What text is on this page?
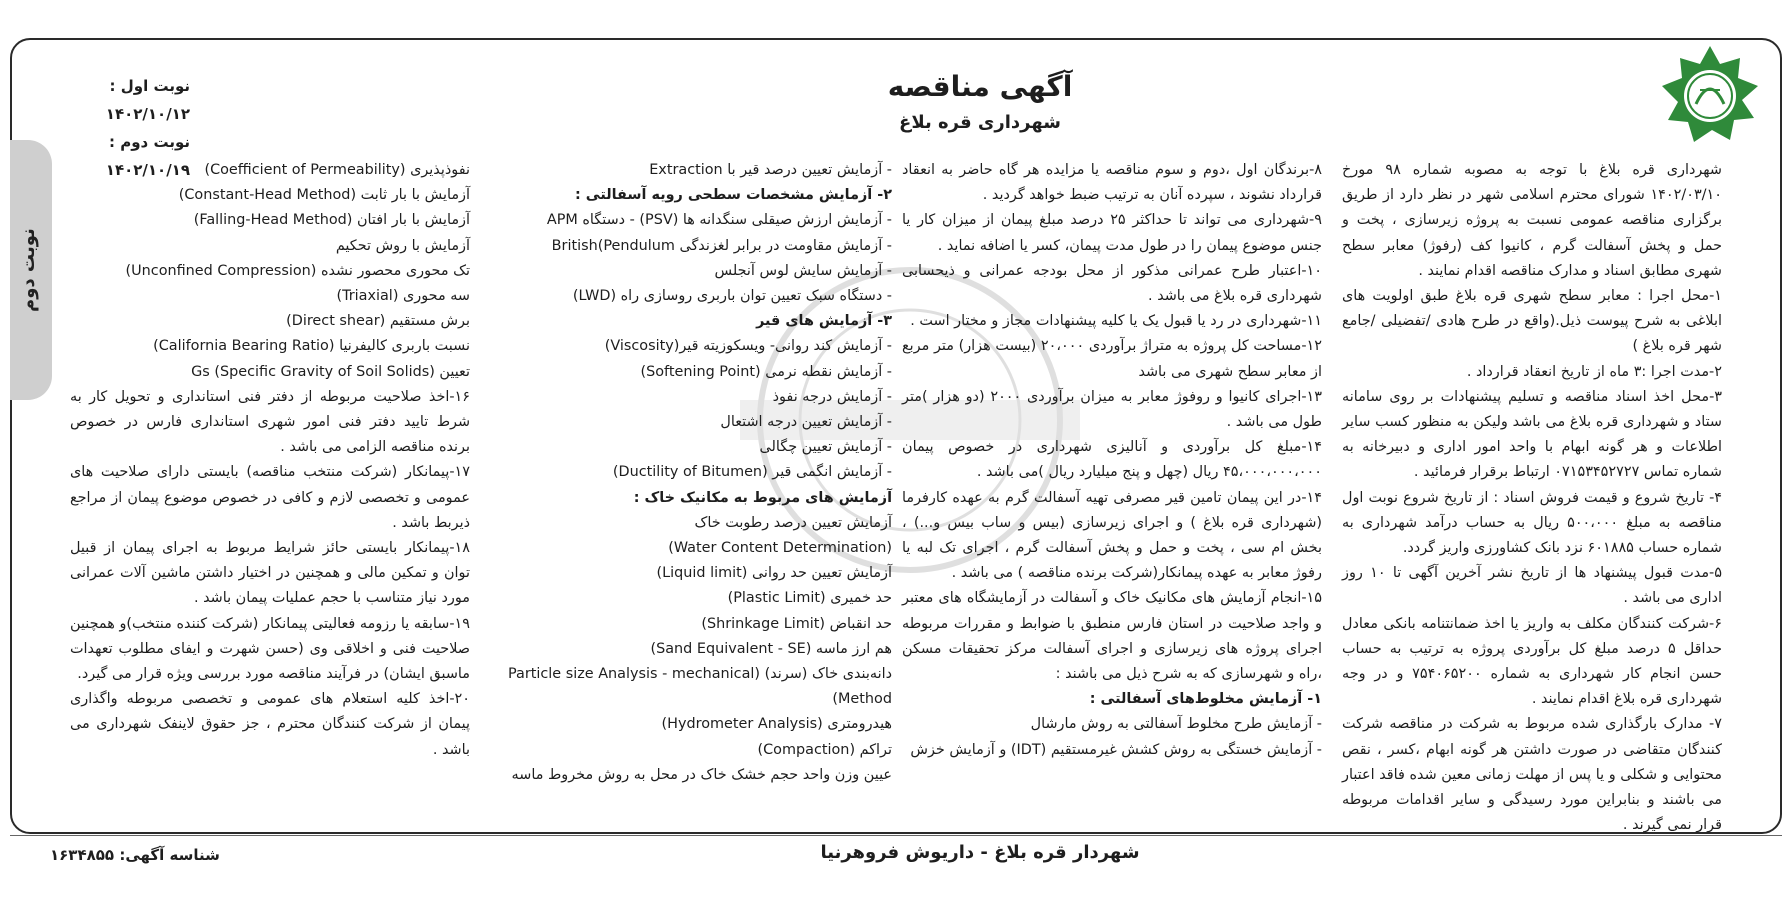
نوبت دوم
آگهی مناقصه
شهرداری قره بلاغ
نوبت اول : ۱۴۰۲/۱۰/۱۲
نوبت دوم : ۱۴۰۲/۱۰/۱۹	شهرداری قره بلاغ با توجه به مصوبه شماره ۹۸ مورخ ۱۴۰۲/۰۳/۱۰ شورای محترم اسلامی شهر در نظر دارد از طریق برگزاری مناقصه عمومی نسبت به پروژه زیرسازی ، پخت و حمل و پخش آسفالت گرم ، کانیوا کف (رفوژ) معابر سطح شهری مطابق اسناد و مدارک مناقصه اقدام نمایند .

۱-محل اجرا : معابر سطح شهری قره بلاغ طبق اولویت های ابلاغی به شرح پیوست ذیل.(واقع در طرح هادی /تفضیلی /جامع شهر قره بلاغ )

۲-مدت اجرا :۳ ماه از تاریخ انعقاد قرارداد .

۳-محل اخذ اسناد مناقصه و تسلیم پیشنهادات بر روی سامانه ستاد و شهرداری قره بلاغ می باشد ولیکن به منظور کسب سایر اطلاعات و هر گونه ابهام با واحد امور اداری و دبیرخانه به شماره تماس ۰۷۱۵۳۴۵۲۷۲۷ ارتباط برقرار فرمائید .

۴- تاریخ شروع و قیمت فروش اسناد : از تاریخ شروع نوبت اول مناقصه به مبلغ ۵۰۰،۰۰۰ ریال به حساب درآمد شهرداری به شماره حساب ۶۰۱۸۸۵ نزد بانک کشاورزی واریز گردد.

۵-مدت قبول پیشنهاد ها از تاریخ نشر آخرین آگهی تا ۱۰ روز اداری می باشد .

۶-شرکت کنندگان مکلف به واریز یا اخذ ضمانتنامه بانکی معادل حداقل ۵ درصد مبلغ کل برآوردی پروژه به ترتیب به حساب حسن انجام کار شهرداری به شماره ۷۵۴۰۶۵۲۰۰ و در وجه شهرداری قره بلاغ اقدام نمایند .

۷- مدارک بارگذاری شده مربوط به شرکت در مناقصه شرکت کنندگان متقاضی در صورت داشتن هر گونه ابهام ،کسر ، نقص محتوایی و شکلی و یا پس از مهلت زمانی معین شده فاقد اعتبار می باشند و بنابراین مورد رسیدگی و سایر اقدامات مربوطه قرار نمی گیرند .

۸-برندگان اول ،دوم و سوم مناقصه یا مزایده هر گاه حاضر به انعقاد قرارداد نشوند ، سپرده آنان به ترتیب ضبط خواهد گردید .

۹-شهرداری می تواند تا حداکثر ۲۵ درصد مبلغ پیمان از میزان کار یا جنس موضوع پیمان را در طول مدت پیمان، کسر یا اضافه نماید .

۱۰-اعتبار طرح عمرانی مذکور از محل بودجه عمرانی و ذیحسابی شهرداری قره بلاغ می باشد .

۱۱-شهرداری در رد یا قبول یک یا کلیه پیشنهادات مجاز و مختار است .

۱۲-مساحت کل پروژه به متراژ برآوردی ۲۰،۰۰۰ (بیست هزار) متر مربع از معابر سطح شهری می باشد

۱۳-اجرای کانیوا و روفوژ معابر به میزان برآوردی ۲۰۰۰ (دو هزار )متر طول می باشد .

۱۴-مبلغ کل برآوردی و آنالیزی شهرداری در خصوص پیمان ۴۵،۰۰۰،۰۰۰،۰۰۰ ریال (چهل و پنج میلیارد ریال )می باشد .

۱۴-در این پیمان تامین قیر مصرفی تهیه آسفالت گرم به عهده کارفرما (شهرداری قره بلاغ ) و اجرای زیرسازی (بیس و ساب بیس و...) ، بخش ام سی ، پخت و حمل و پخش آسفالت گرم ، اجرای تک لبه یا رفوژ معابر به عهده پیمانکار(شرکت برنده مناقصه ) می باشد .

۱۵-انجام آزمایش های مکانیک خاک و آسفالت در آزمایشگاه های معتبر و واجد صلاحیت در استان فارس منطبق با ضوابط و مقررات مربوطه اجرای پروژه های زیرسازی و اجرای آسفالت مرکز تحقیقات مسکن ،راه و شهرسازی که به شرح ذیل می باشند :

۱- آزمایش مخلوط‌های آسفالتی :

- آزمایش طرح مخلوط آسفالتی به روش مارشال

- آزمایش خستگی به روش کشش غیرمستقیم (IDT) و آزمایش خزش

- آزمایش تعیین درصد قیر با Extraction

۲- آزمایش مشخصات سطحی رویه آسفالتی :

- آزمایش ارزش صیقلی سنگدانه ها (PSV) - دستگاه APM

- آزمایش مقاومت در برابر لغزندگی British(Pendulum

- آزمایش سایش لوس آنجلس

- دستگاه سبک تعیین توان باربری روسازی راه (LWD)

۳- آزمایش های قیر

- آزمایش کند روانی- ویسکوزیته قیر(Viscosity)

- آزمایش نقطه نرمی (Softening Point)

- آزمایش درجه نفوذ

- آزمایش تعیین درجه اشتعال

- آزمایش تعیین چگالی

- آزمایش انگمی قیر (Ductility of Bitumen)

آزمایش های مربوط به مکانیک خاک :

آزمایش تعیین درصد رطوبت خاک

(Water Content Determination)

آزمایش تعیین حد روانی (Liquid limit)

حد خمیری (Plastic Limit)

حد انقباض (Shrinkage Limit)

هم ارز ماسه (Sand Equivalent - SE)

دانه‌بندی خاک (سرند) (Particle size Analysis - mechanical Method)

هیدرومتری (Hydrometer Analysis)

تراکم (Compaction)

عیین وزن واحد حجم خشک خاک در محل به روش مخروط ماسه

نفوذپذیری (Coefficient of Permeability)

آزمایش با بار ثابت (Constant-Head Method)

آزمایش با بار افتان (Falling-Head Method)

آزمایش با روش تحکیم

تک محوری محصور نشده (Unconfined Compression)

سه محوری (Triaxial)

برش مستقیم (Direct shear)

نسبت باربری کالیفرنیا (California Bearing Ratio)

تعیین (Gs (Specific Gravity of Soil Solids

۱۶-اخذ صلاحیت مربوطه از دفتر فنی استانداری و تحویل کار به شرط تایید دفتر فنی امور شهری استانداری فارس در خصوص برنده مناقصه الزامی می باشد .

۱۷-پیمانکار (شرکت منتخب مناقصه) بایستی دارای صلاحیت های عمومی و تخصصی لازم و کافی در خصوص موضوع پیمان از مراجع ذیربط باشد .

۱۸-پیمانکار بایستی حائز شرایط مربوط به اجرای پیمان از قبیل توان و تمکین مالی و همچنین در اختیار داشتن ماشین آلات عمرانی مورد نیاز متناسب با حجم عملیات پیمان باشد .

۱۹-سابقه یا رزومه فعالیتی پیمانکار (شرکت کننده منتخب)و همچنین صلاحیت فنی و اخلاقی وی (حسن شهرت و ایفای مطلوب تعهدات ماسبق ایشان) در فرآیند مناقصه مورد بررسی ویژه قرار می گیرد.

۲۰-اخذ کلیه استعلام های عمومی و تخصصی مربوطه واگذاری پیمان از شرکت کنندگان محترم ، جز حقوق لاینفک شهرداری می باشد .

شهردار قره بلاغ - داریوش فروهرنیا
شناسه آگهی: ۱۶۳۴۸۵۵
